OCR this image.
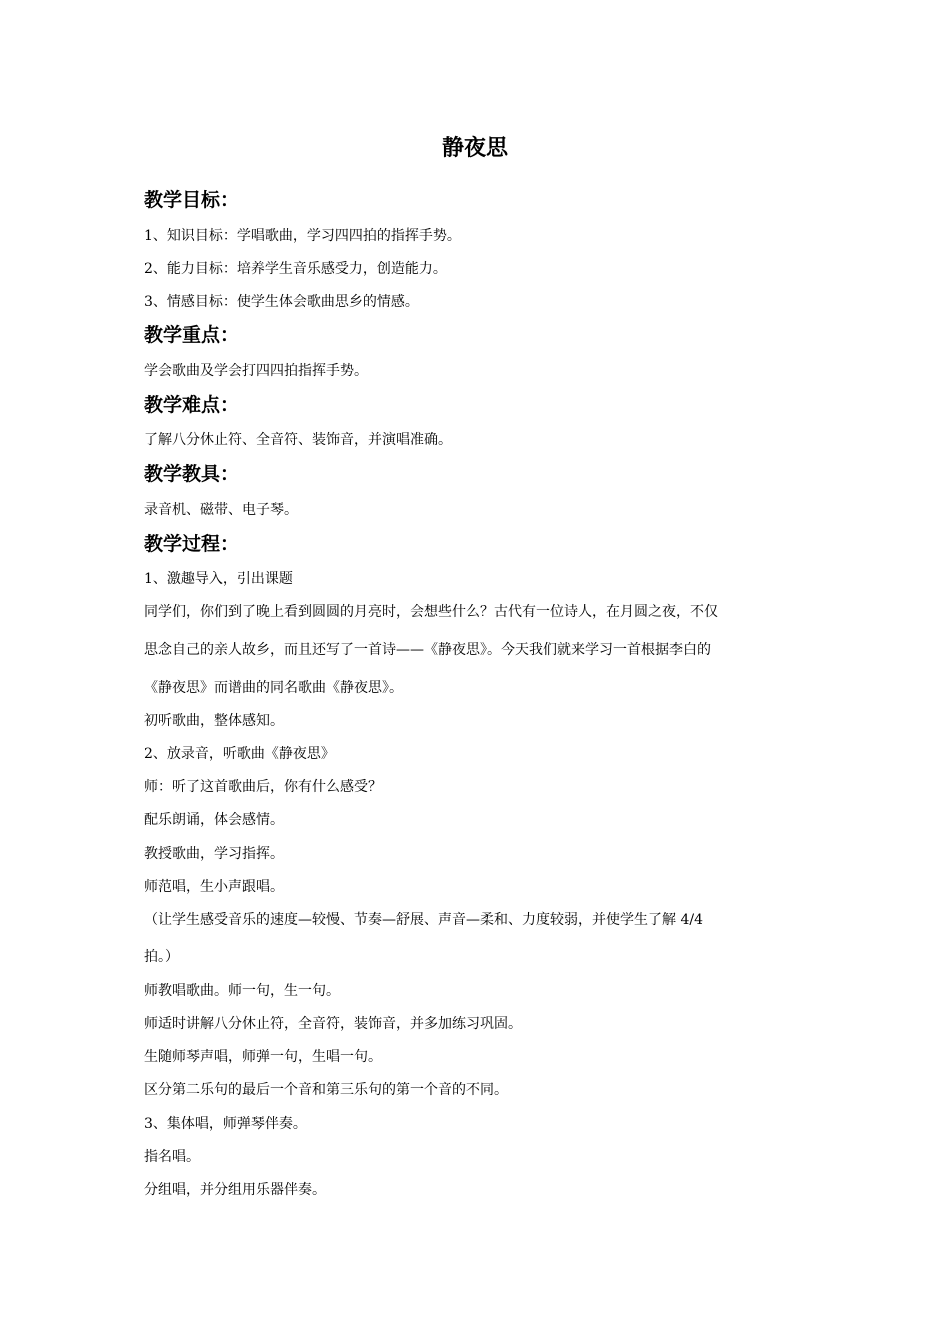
静夜思
教学目标：
1、知识目标：学唱歌曲，学习四四拍的指挥手势。
2、能力目标：培养学生音乐感受力，创造能力。
3、情感目标：使学生体会歌曲思乡的情感。
教学重点：
学会歌曲及学会打四四拍指挥手势。
教学难点：
了解八分休止符、全音符、装饰音，并演唱准确。
教学教具：
录音机、磁带、电子琴。
教学过程：
1、激趣导入，引出课题
同学们，你们到了晚上看到圆圆的月亮时，会想些什么？古代有一位诗人，在月圆之夜，不仅
思念自己的亲人故乡，而且还写了一首诗——《静夜思》。今天我们就来学习一首根据李白的
《静夜思》而谱曲的同名歌曲《静夜思》。
初听歌曲，整体感知。
2、放录音，听歌曲《静夜思》
师：听了这首歌曲后，你有什么感受？
配乐朗诵，体会感情。
教授歌曲，学习指挥。
师范唱，生小声跟唱。
（让学生感受音乐的速度—较慢、节奏—舒展、声音—柔和、力度较弱，并使学生了解 4/4
拍。）
师教唱歌曲。师一句，生一句。
师适时讲解八分休止符，全音符，装饰音，并多加练习巩固。
生随师琴声唱，师弹一句，生唱一句。
区分第二乐句的最后一个音和第三乐句的第一个音的不同。
3、集体唱，师弹琴伴奏。
指名唱。
分组唱，并分组用乐器伴奏。
